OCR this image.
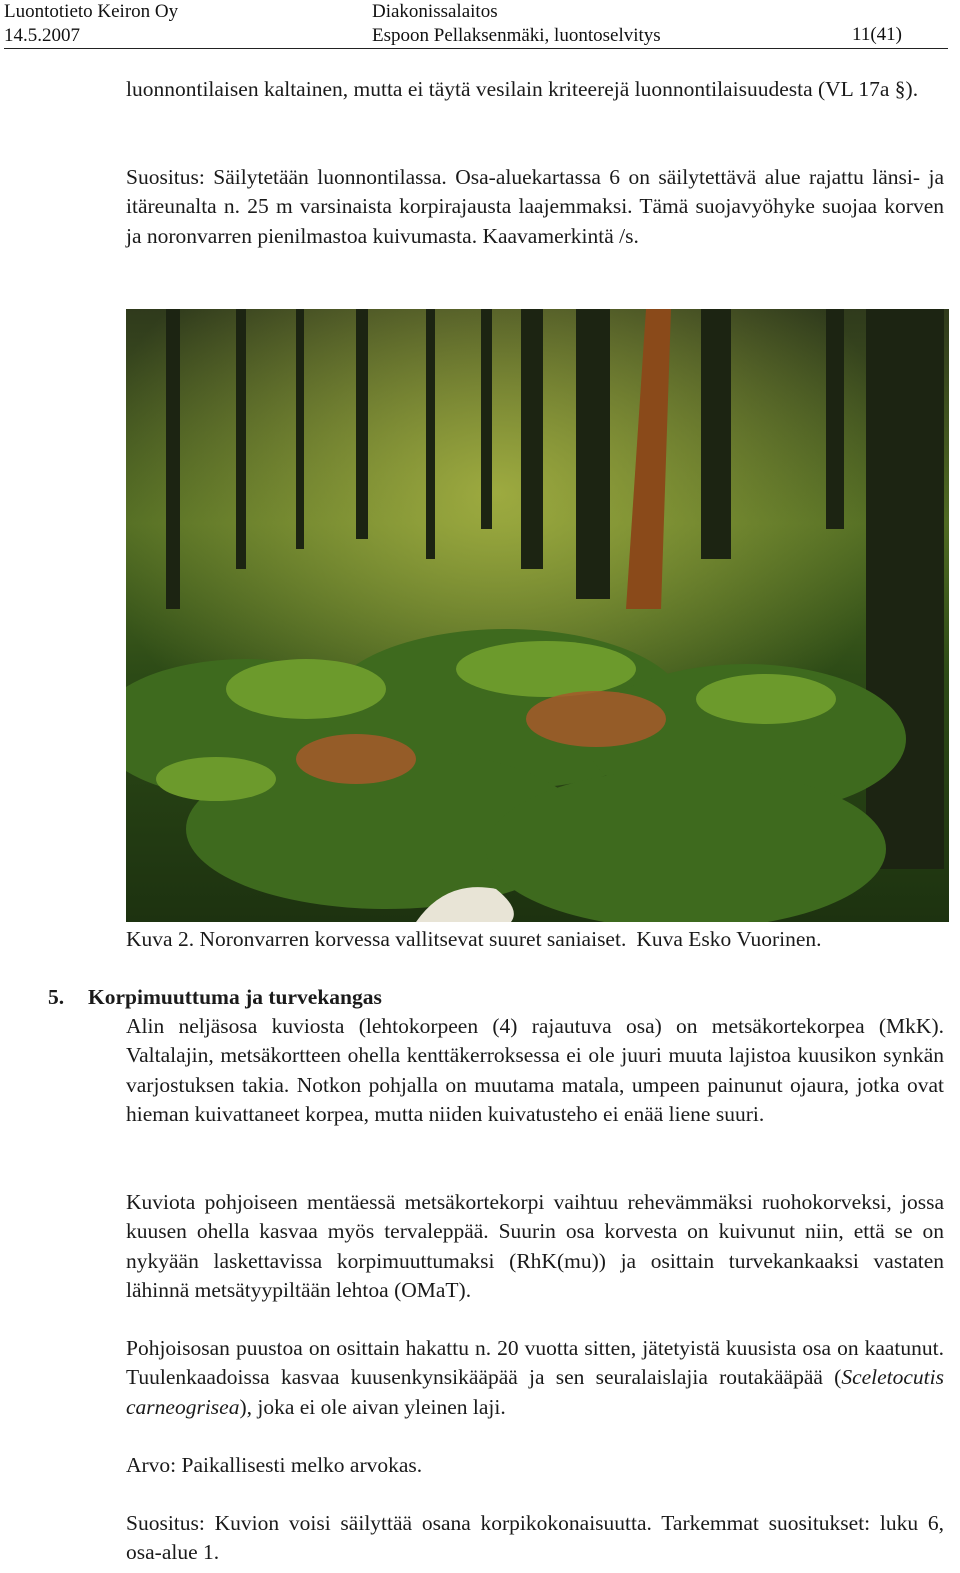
Luontotieto Keiron Oy
14.5.2007
Diakonissalaitos
Espoon Pellaksenmäki, luontoselvitys	11(41)

luonnontilaisen kaltainen, mutta ei täytä vesilain kriteerejä luonnontilaisuudesta (VL 17a §).

Suositus: Säilytetään luonnontilassa. Osa-aluekartassa 6 on säilytettävä alue rajattu länsi- ja itäreunalta n. 25 m varsinaista korpirajausta laajemmaksi. Tämä suojavyöhyke suojaa korven ja noronvarren pienilmastoa kuivumasta. Kaavamerkintä /s.

Kuva 2. Noronvarren korvessa vallitsevat suuret saniaiset. Kuva Esko Vuorinen.
5. Korpimuuttuma ja turvekangas

Alin neljäsosa kuviosta (lehtokorpeen (4) rajautuva osa) on metsäkortekorpea (MkK). Valtalajin, metsäkortteen ohella kenttäkerroksessa ei ole juuri muuta lajistoa kuusikon synkän varjostuksen takia. Notkon pohjalla on muutama matala, umpeen painunut ojaura, jotka ovat hieman kuivattaneet korpea, mutta niiden kuivatusteho ei enää liene suuri.

Kuviota pohjoiseen mentäessä metsäkortekorpi vaihtuu rehevämmäksi ruohokorveksi, jossa kuusen ohella kasvaa myös tervaleppää. Suurin osa korvesta on kuivunut niin, että se on nykyään laskettavissa korpimuuttumaksi (RhK(mu)) ja osittain turvekankaaksi vastaten lähinnä metsätyypiltään lehtoa (OMaT).

Pohjoisosan puustoa on osittain hakattu n. 20 vuotta sitten, jätetyistä kuusista osa on kaatunut. Tuulenkaadoissa kasvaa kuusenkynsikääpää ja sen seuralaislajia routakääpää (Sceletocutis carneogrisea), joka ei ole aivan yleinen laji.

Arvo: Paikallisesti melko arvokas.

Suositus: Kuvion voisi säilyttää osana korpikokonaisuutta. Tarkemmat suositukset: luku 6, osa-alue 1.
